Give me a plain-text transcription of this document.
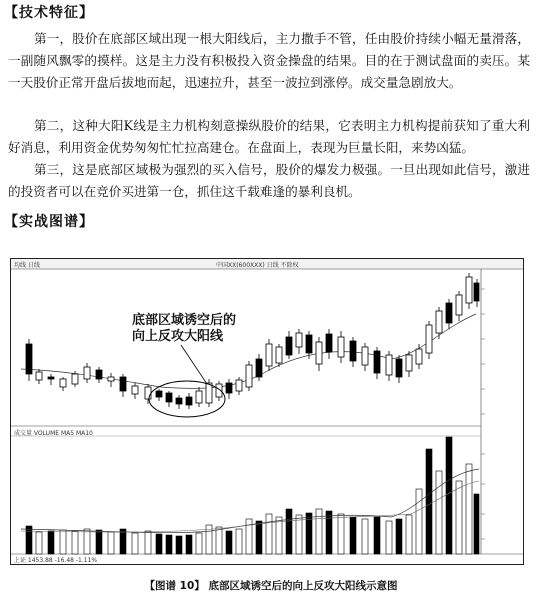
【技术特征】
第一，股价在底部区域出现一根大阳线后，主力撒手不管，任由股价持续小幅无量滑落，一副随风飘零的摸样。这是主力没有积极投入资金操盘的结果。目的在于测试盘面的卖压。某一天股价正常开盘后拔地而起，迅速拉升，甚至一波拉到涨停。成交量急剧放大。
第二，这种大阳K线是主力机构刻意操纵股价的结果，它表明主力机构提前获知了重大利好消息，利用资金优势匆匆忙忙拉高建仓。在盘面上，表现为巨量长阳，来势凶猛。
第三，这是底部区域极为强烈的买入信号，股价的爆发力极强。一旦出现如此信号，激进的投资者可以在竞价买进第一仓，抓住这千载难逢的暴利良机。
【实战图谱】
中国XX(600XXX) 日线 不除权
均线 日线
成交量 VOLUME MA5 MA10
上证 1453.88 -16.48 -1.11%
底部区域诱空后的
向上反攻大阳线
【图谱 10】 底部区域诱空后的向上反攻大阳线示意图
